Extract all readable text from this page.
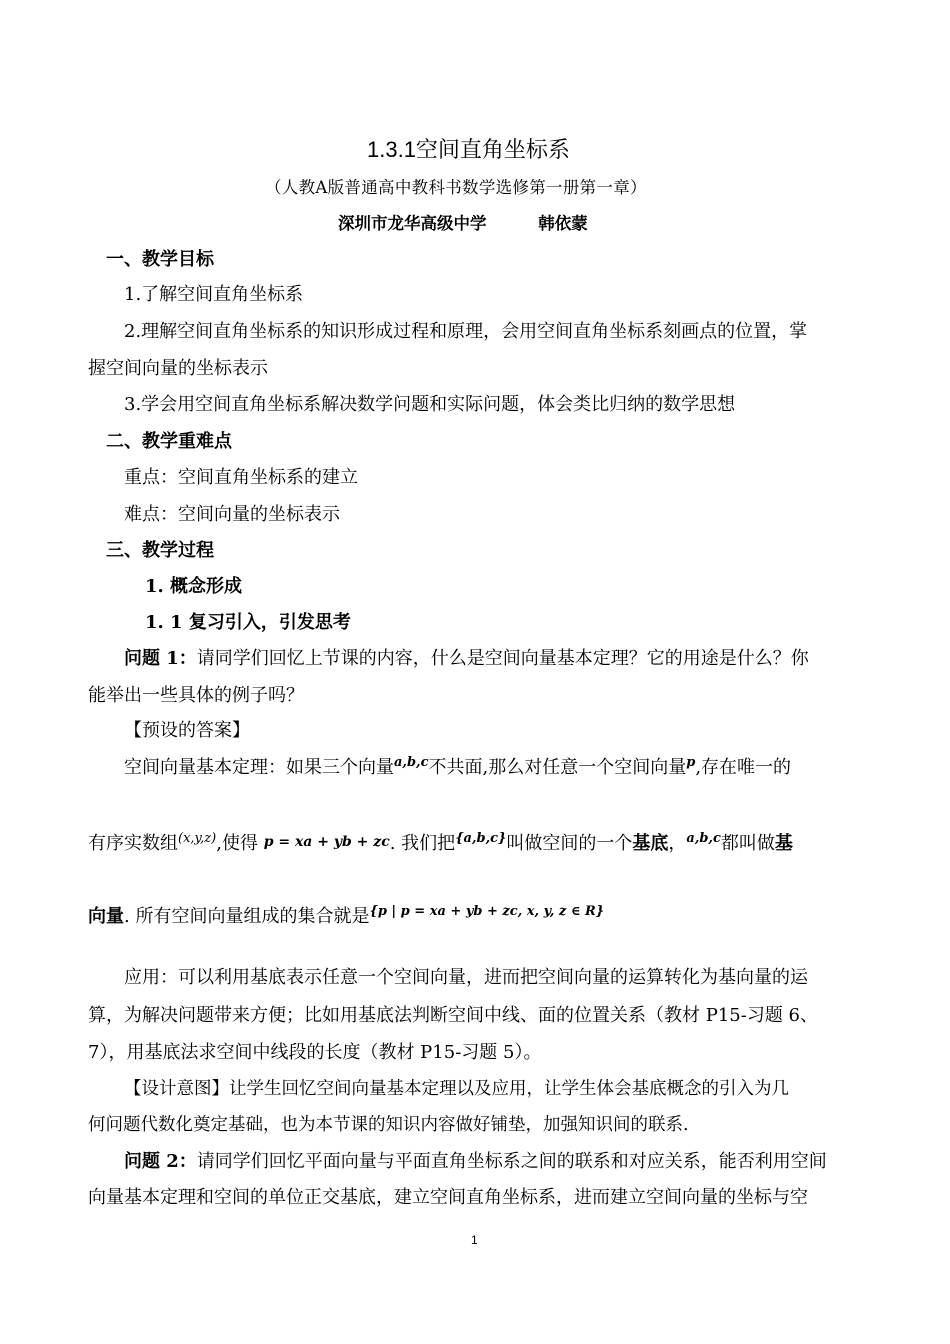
1.3.1空间直角坐标系
（人教A版普通高中教科书数学选修第一册第一章）
深圳市龙华高级中学	韩依蒙
一、教学目标
1.了解空间直角坐标系
2.理解空间直角坐标系的知识形成过程和原理，会用空间直角坐标系刻画点的位置，掌
握空间向量的坐标表示
3.学会用空间直角坐标系解决数学问题和实际问题，体会类比归纳的数学思想
二、教学重难点
重点：空间直角坐标系的建立
难点：空间向量的坐标表示
三、教学过程
1. 概念形成
1. 1 复习引入，引发思考
问题 1：请同学们回忆上节课的内容，什么是空间向量基本定理？它的用途是什么？你
能举出一些具体的例子吗？
【预设的答案】
空间向量基本定理：如果三个向量$^{a,b,c}$不共面,那么对任意一个空间向量$^p$,存在唯一的
有序实数组$^{(x,y,z)}$,使得 p = xa + yb + zc. 我们把$^{\{a,b,c\}}$叫做空间的一个基底，$^{a,b,c}$都叫做基
向量. 所有空间向量组成的集合就是$^{\{p | p = xa + yb + zc, x, y, z \in R\}}$
应用：可以利用基底表示任意一个空间向量，进而把空间向量的运算转化为基向量的运
算，为解决问题带来方便；比如用基底法判断空间中线、面的位置关系（教材 P15-习题 6、
7），用基底法求空间中线段的长度（教材 P15-习题 5）。
【设计意图】让学生回忆空间向量基本定理以及应用，让学生体会基底概念的引入为几
何问题代数化奠定基础，也为本节课的知识内容做好铺垫，加强知识间的联系.
问题 2：请同学们回忆平面向量与平面直角坐标系之间的联系和对应关系，能否利用空间
向量基本定理和空间的单位正交基底，建立空间直角坐标系，进而建立空间向量的坐标与空
1
